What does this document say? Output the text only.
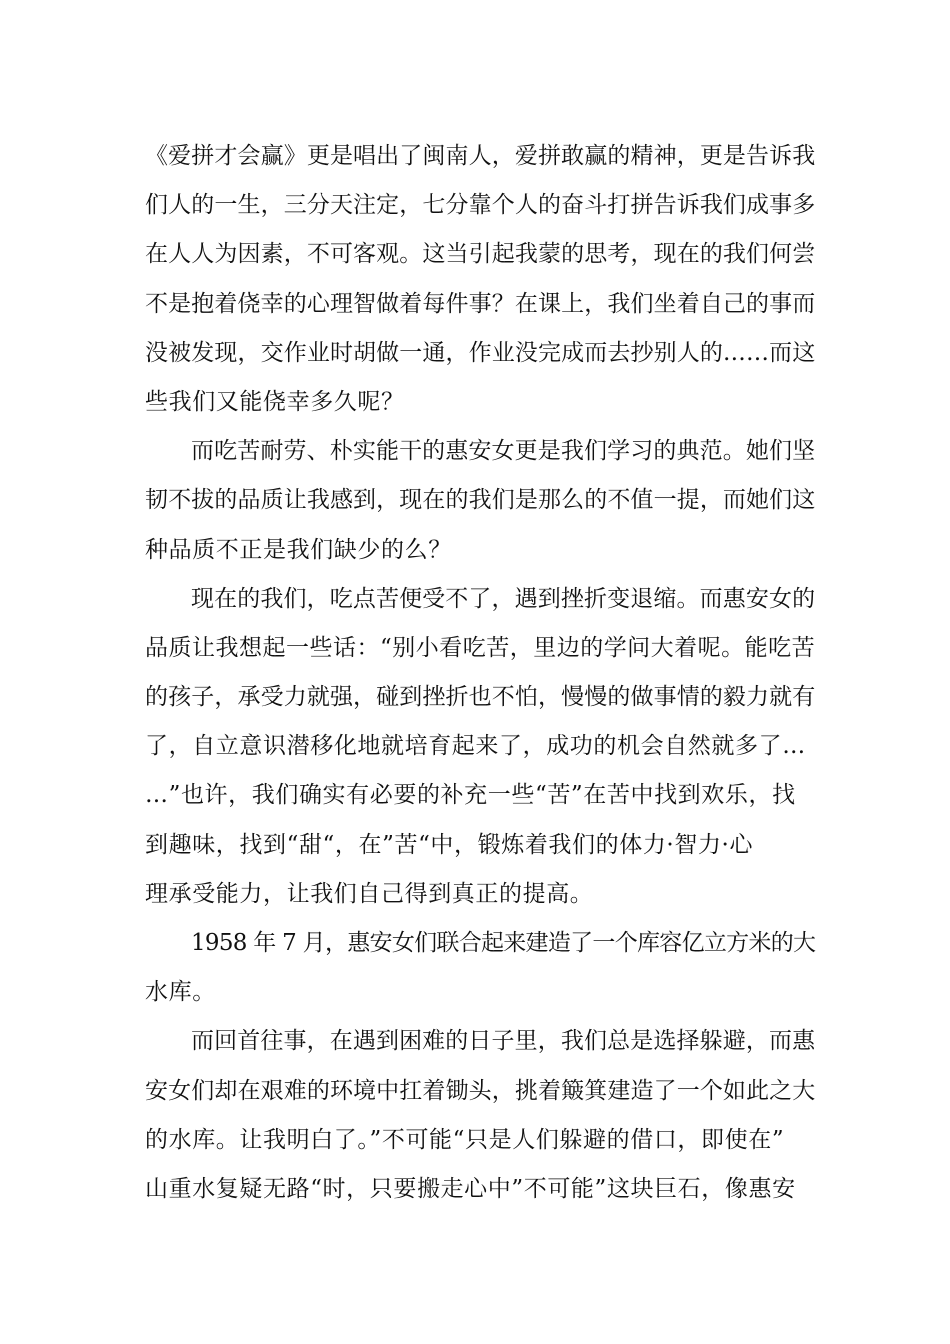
《爱拼才会赢》更是唱出了闽南人，爱拼敢赢的精神，更是告诉我
们人的一生，三分天注定，七分靠个人的奋斗打拼告诉我们成事多
在人人为因素，不可客观。这当引起我蒙的思考，现在的我们何尝
不是抱着侥幸的心理智做着每件事？在课上，我们坐着自己的事而
没被发现，交作业时胡做一通，作业没完成而去抄别人的……而这
些我们又能侥幸多久呢？
而吃苦耐劳、朴实能干的惠安女更是我们学习的典范。她们坚
韧不拔的品质让我感到，现在的我们是那么的不值一提，而她们这
种品质不正是我们缺少的么？
现在的我们，吃点苦便受不了，遇到挫折变退缩。而惠安女的
品质让我想起一些话：“别小看吃苦，里边的学问大着呢。能吃苦
的孩子，承受力就强，碰到挫折也不怕，慢慢的做事情的毅力就有
了，自立意识潜移化地就培育起来了，成功的机会自然就多了…
…”也许，我们确实有必要的补充一些“苦”在苦中找到欢乐，找
到趣味，找到“甜“，在”苦“中，锻炼着我们的体力·智力·心
理承受能力，让我们自己得到真正的提高。
1958 年 7 月，惠安女们联合起来建造了一个库容亿立方米的大
水库。
而回首往事，在遇到困难的日子里，我们总是选择躲避，而惠
安女们却在艰难的环境中扛着锄头，挑着簸箕建造了一个如此之大
的水库。让我明白了。”不可能“只是人们躲避的借口，即使在”
山重水复疑无路“时，只要搬走心中”不可能”这块巨石，像惠安
